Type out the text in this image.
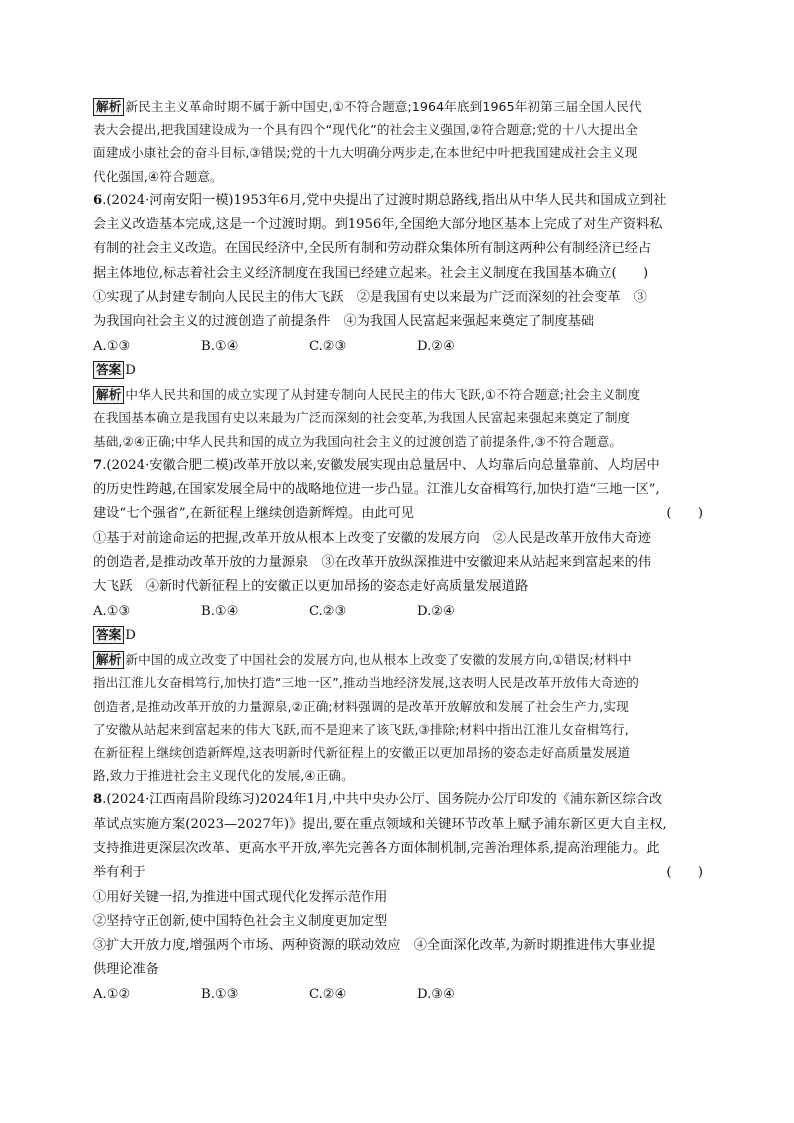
解析 新民主主义革命时期不属于新中国史,①不符合题意;1964年底到1965年初第三届全国人民代
表大会提出,把我国建设成为一个具有四个“现代化”的社会主义强国,②符合题意;党的十八大提出全
面建成小康社会的奋斗目标,③错误;党的十九大明确分两步走,在本世纪中叶把我国建成社会主义现
代化强国,④符合题意。
6.(2024·河南安阳一模)1953年6月,党中央提出了过渡时期总路线,指出从中华人民共和国成立到社
会主义改造基本完成,这是一个过渡时期。到1956年,全国绝大部分地区基本上完成了对生产资料私
有制的社会主义改造。在国民经济中,全民所有制和劳动群众集体所有制这两种公有制经济已经占
据主体地位,标志着社会主义经济制度在我国已经建立起来。社会主义制度在我国基本确立(　　)
①实现了从封建专制向人民民主的伟大飞跃　②是我国有史以来最为广泛而深刻的社会变革　③
为我国向社会主义的过渡创造了前提条件　④为我国人民富起来强起来奠定了制度基础
A.①③	B.①④	C.②③	D.②④
答案 D
解析 中华人民共和国的成立实现了从封建专制向人民民主的伟大飞跃,①不符合题意;社会主义制度
在我国基本确立是我国有史以来最为广泛而深刻的社会变革,为我国人民富起来强起来奠定了制度
基础,②④正确;中华人民共和国的成立为我国向社会主义的过渡创造了前提条件,③不符合题意。
7.(2024·安徽合肥二模)改革开放以来,安徽发展实现由总量居中、人均靠后向总量靠前、人均居中
的历史性跨越,在国家发展全局中的战略地位进一步凸显。江淮儿女奋楫笃行,加快打造“三地一区”,
建设“七个强省”,在新征程上继续创造新辉煌。由此可见	(　　)

①基于对前途命运的把握,改革开放从根本上改变了安徽的发展方向　②人民是改革开放伟大奇迹
的创造者,是推动改革开放的力量源泉　③在改革开放纵深推进中安徽迎来从站起来到富起来的伟
大飞跃　④新时代新征程上的安徽正以更加昂扬的姿态走好高质量发展道路
A.①③	B.①④	C.②③	D.②④
答案 D
解析 新中国的成立改变了中国社会的发展方向,也从根本上改变了安徽的发展方向,①错误;材料中
指出江淮儿女奋楫笃行,加快打造“三地一区”,推动当地经济发展,这表明人民是改革开放伟大奇迹的
创造者,是推动改革开放的力量源泉,②正确;材料强调的是改革开放解放和发展了社会生产力,实现
了安徽从站起来到富起来的伟大飞跃,而不是迎来了该飞跃,③排除;材料中指出江淮儿女奋楫笃行,
在新征程上继续创造新辉煌,这表明新时代新征程上的安徽正以更加昂扬的姿态走好高质量发展道
路,致力于推进社会主义现代化的发展,④正确。
8.(2024·江西南昌阶段练习)2024年1月,中共中央办公厅、国务院办公厅印发的《浦东新区综合改
革试点实施方案(2023—2027年)》提出,要在重点领域和关键环节改革上赋予浦东新区更大自主权,
支持推进更深层次改革、更高水平开放,率先完善各方面体制机制,完善治理体系,提高治理能力。此
举有利于	(　　)

①用好关键一招,为推进中国式现代化发挥示范作用
②坚持守正创新,使中国特色社会主义制度更加定型
③扩大开放力度,增强两个市场、两种资源的联动效应　④全面深化改革,为新时期推进伟大事业提
供理论准备
A.①②	B.①③	C.②④	D.③④
